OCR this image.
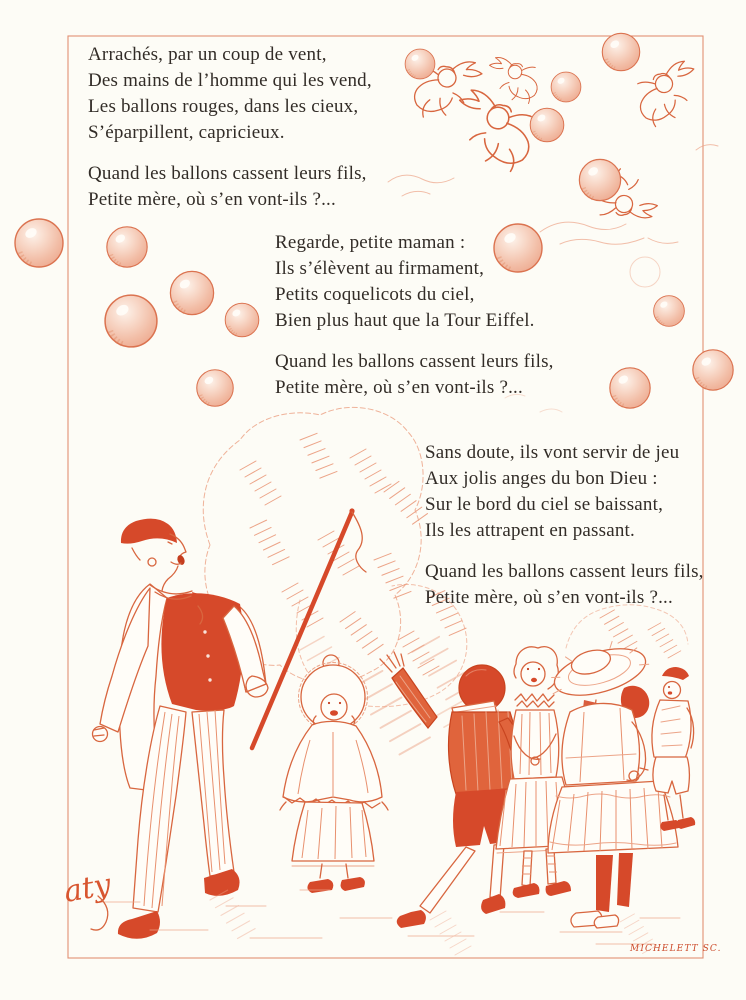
aty
MICHELETT SC.
Arrachés, par un coup de vent,
Des mains de l’homme qui les vend,
Les ballons rouges, dans les cieux,
S’éparpillent, capricieux.
Quand les ballons cassent leurs fils,
Petite mère, où s’en vont-ils ?...
Regarde, petite maman :
Ils s’élèvent au firmament,
Petits coquelicots du ciel,
Bien plus haut que la Tour Eiffel.
Quand les ballons cassent leurs fils,
Petite mère, où s’en vont-ils ?...
Sans doute, ils vont servir de jeu
Aux jolis anges du bon Dieu :
Sur le bord du ciel se baissant,
Ils les attrapent en passant.
Quand les ballons cassent leurs fils,
Petite mère, où s’en vont-ils ?...
